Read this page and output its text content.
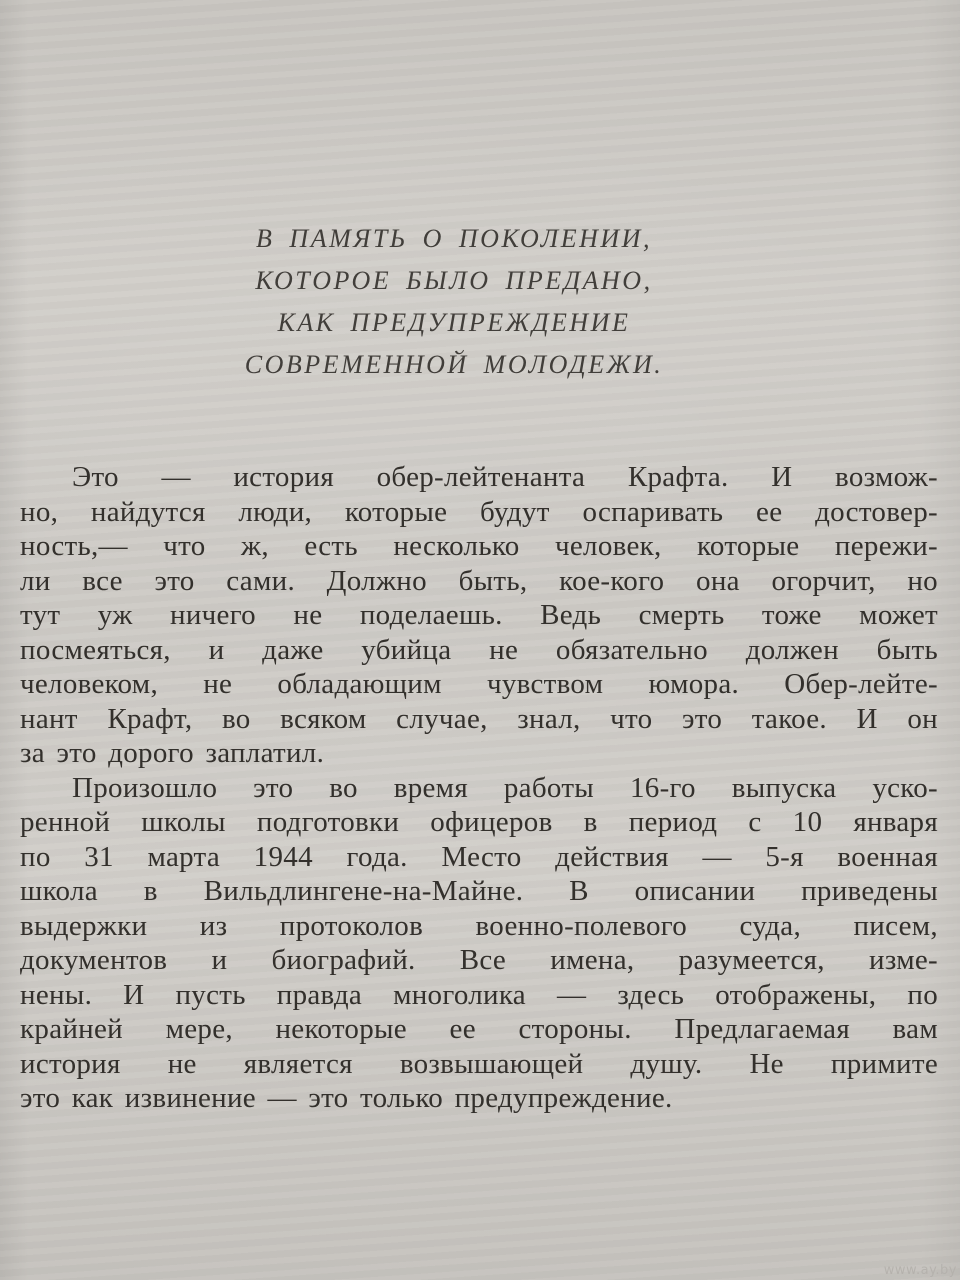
В ПАМЯТЬ О ПОКОЛЕНИИ,
КОТОРОЕ БЫЛО ПРЕДАНО,
КАК ПРЕДУПРЕЖДЕНИЕ
СОВРЕМЕННОЙ МОЛОДЕЖИ.
Это — история обер-лейтенанта Крафта. И возмож-
но, найдутся люди, которые будут оспаривать ее достовер-
ность,— что ж, есть несколько человек, которые пережи-
ли все это сами. Должно быть, кое-кого она огорчит, но
тут уж ничего не поделаешь. Ведь смерть тоже может
посмеяться, и даже убийца не обязательно должен быть
человеком, не обладающим чувством юмора. Обер-лейте-
нант Крафт, во всяком случае, знал, что это такое. И он
за это дорого заплатил.
Произошло это во время работы 16-го выпуска уско-
ренной школы подготовки офицеров в период с 10 января
по 31 марта 1944 года. Место действия — 5-я военная
школа в Вильдлингене-на-Майне. В описании приведены
выдержки из протоколов военно-полевого суда, писем,
документов и биографий. Все имена, разумеется, изме-
нены. И пусть правда многолика — здесь отображены, по
крайней мере, некоторые ее стороны. Предлагаемая вам
история не является возвышающей душу. Не примите
это как извинение — это только предупреждение.
www.ay.by
